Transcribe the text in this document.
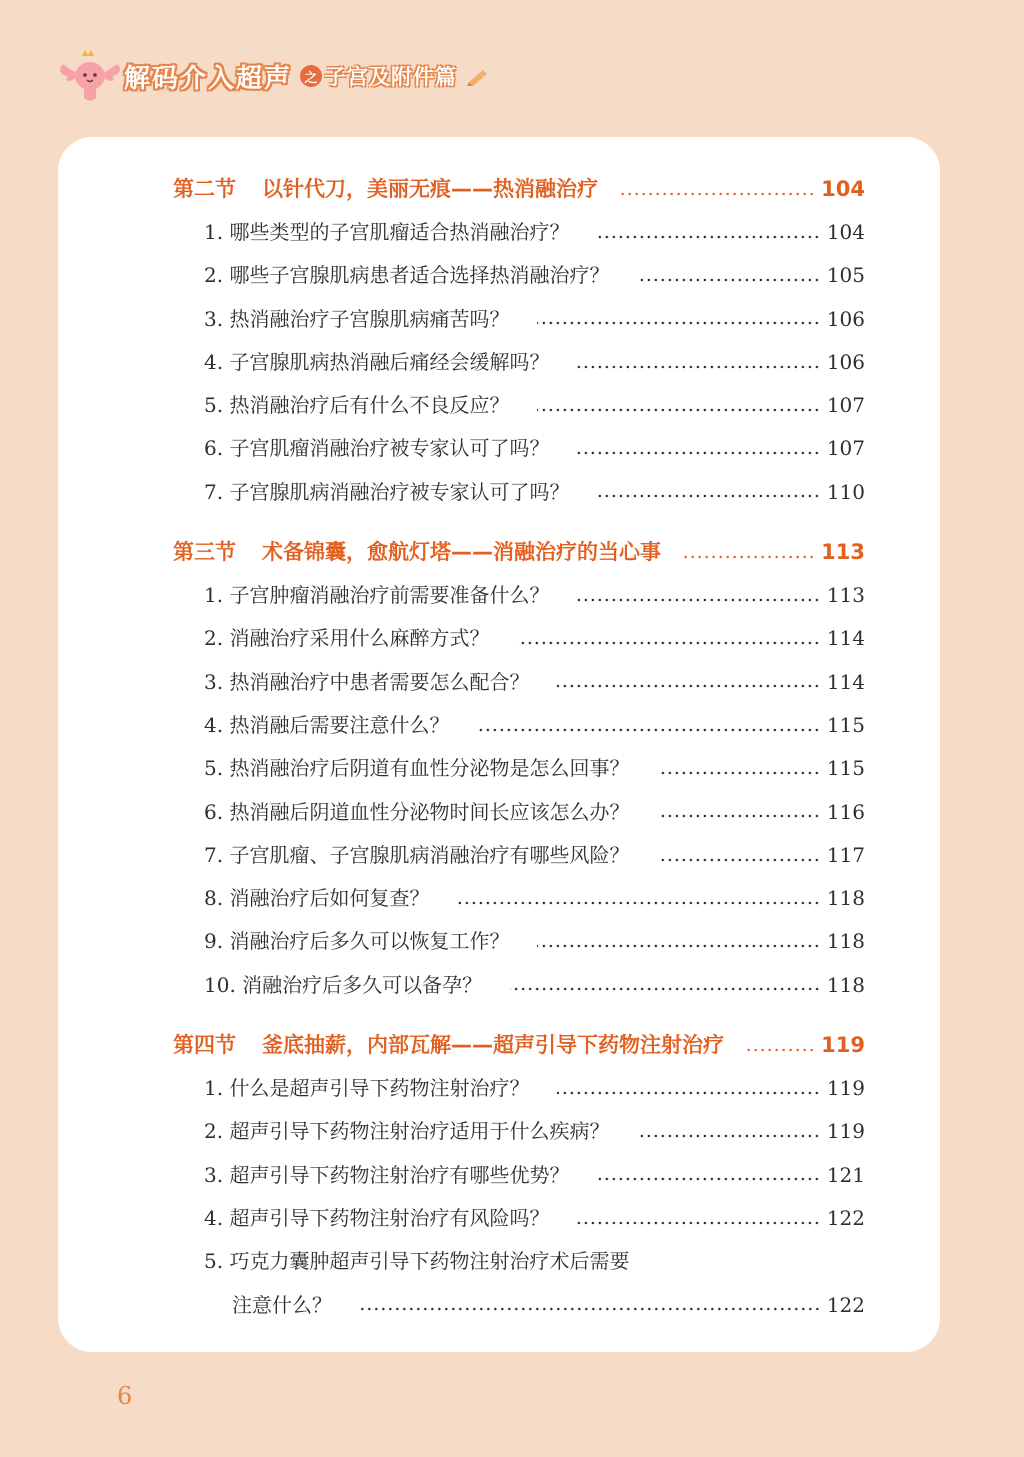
解码介入超声 之 子宫及附件篇
第二节 以针代刀，美丽无痕——热消融治疗	104
1. 哪些类型的子宫肌瘤适合热消融治疗？	104
2. 哪些子宫腺肌病患者适合选择热消融治疗？	105
3. 热消融治疗子宫腺肌病痛苦吗？	106
4. 子宫腺肌病热消融后痛经会缓解吗？	106
5. 热消融治疗后有什么不良反应？	107
6. 子宫肌瘤消融治疗被专家认可了吗？	107
7. 子宫腺肌病消融治疗被专家认可了吗？	110
第三节 术备锦囊，愈航灯塔——消融治疗的当心事	113
1. 子宫肿瘤消融治疗前需要准备什么？	113
2. 消融治疗采用什么麻醉方式？	114
3. 热消融治疗中患者需要怎么配合？	114
4. 热消融后需要注意什么？	115
5. 热消融治疗后阴道有血性分泌物是怎么回事？	115
6. 热消融后阴道血性分泌物时间长应该怎么办？	116
7. 子宫肌瘤、子宫腺肌病消融治疗有哪些风险？	117
8. 消融治疗后如何复查？	118
9. 消融治疗后多久可以恢复工作？	118
10. 消融治疗后多久可以备孕？	118
第四节 釜底抽薪，内部瓦解——超声引导下药物注射治疗	119
1. 什么是超声引导下药物注射治疗？	119
2. 超声引导下药物注射治疗适用于什么疾病？	119
3. 超声引导下药物注射治疗有哪些优势？	121
4. 超声引导下药物注射治疗有风险吗？	122
5. 巧克力囊肿超声引导下药物注射治疗术后需要
注意什么？	122
6
